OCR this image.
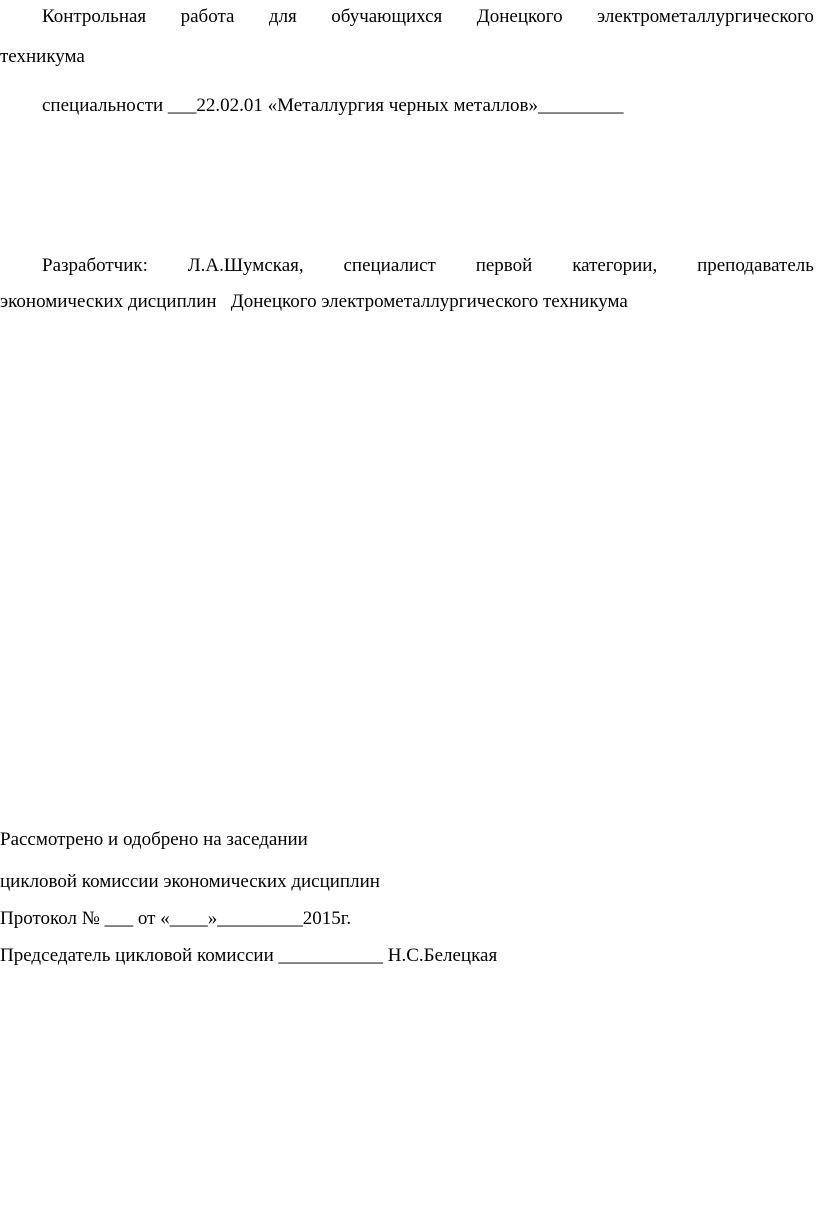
Контрольная работа для обучающихся Донецкого электрометаллургического
техникума
специальности ___22.02.01 «Металлургия черных металлов»_________
Разработчик: Л.А.Шумская, специалист первой категории, преподаватель
экономических дисциплин   Донецкого электрометаллургического техникума
Рассмотрено и одобрено на заседании
цикловой комиссии экономических дисциплин
Протокол № ___ от «____»_________2015г.
Председатель цикловой комиссии ___________ Н.С.Белецкая
